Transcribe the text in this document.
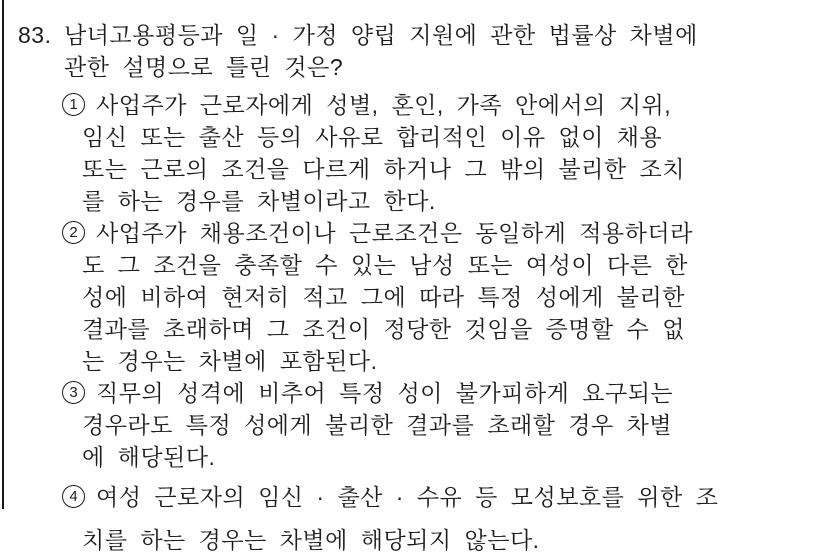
83. 남녀고용평등과 일 · 가정 양립 지원에 관한 법률상 차별에
관한 설명으로 틀린 것은?
1 사업주가 근로자에게 성별, 혼인, 가족 안에서의 지위,
임신 또는 출산 등의 사유로 합리적인 이유 없이 채용
또는 근로의 조건을 다르게 하거나 그 밖의 불리한 조치
를 하는 경우를 차별이라고 한다.
2 사업주가 채용조건이나 근로조건은 동일하게 적용하더라
도 그 조건을 충족할 수 있는 남성 또는 여성이 다른 한
성에 비하여 현저히 적고 그에 따라 특정 성에게 불리한
결과를 초래하며 그 조건이 정당한 것임을 증명할 수 없
는 경우는 차별에 포함된다.
3 직무의 성격에 비추어 특정 성이 불가피하게 요구되는
경우라도 특정 성에게 불리한 결과를 초래할 경우 차별
에 해당된다.
4 여성 근로자의 임신 · 출산 · 수유 등 모성보호를 위한 조
치를 하는 경우는 차별에 해당되지 않는다.
